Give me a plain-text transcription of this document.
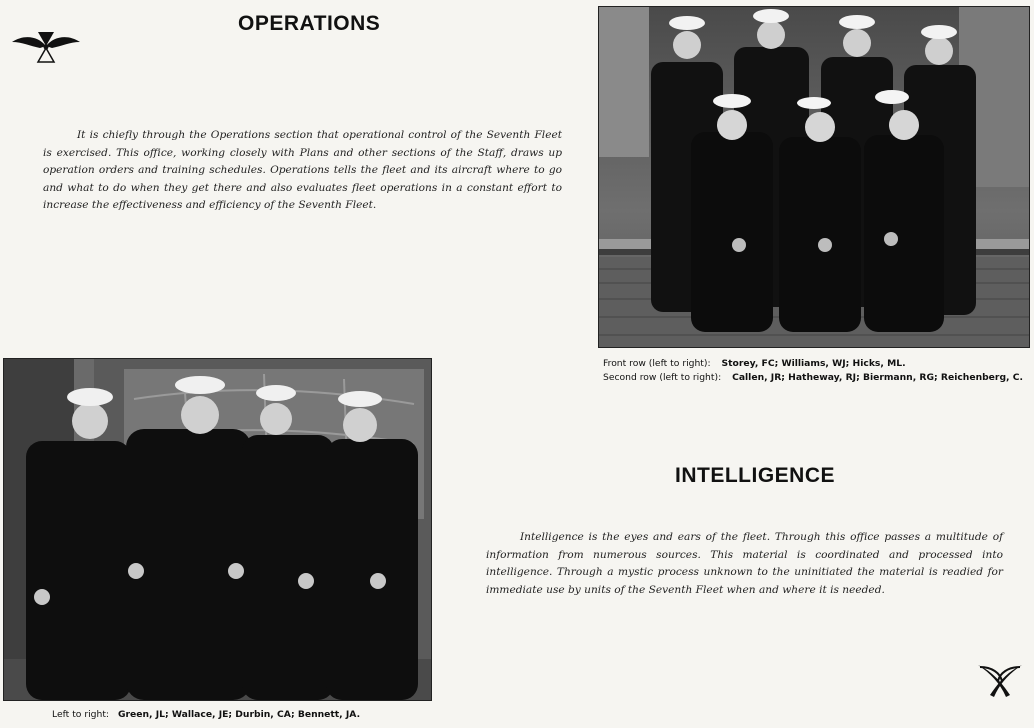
OPERATIONS

It is chiefly through the Operations section that operational control of the Seventh Fleet is exercised. This office, working closely with Plans and other sections of the Staff, draws up operation orders and training schedules. Operations tells the fleet and its aircraft where to go and what to do when they get there and also evaluates fleet operations in a constant effort to increase the effectiveness and efficiency of the Seventh Fleet.

Front row (left to right): Storey, FC; Williams, WJ; Hicks, ML.
Second row (left to right): Callen, JR; Hatheway, RJ; Biermann, RG; Reichenberg, C.
Left to right: Green, JL; Wallace, JE; Durbin, CA; Bennett, JA.
INTELLIGENCE

Intelligence is the eyes and ears of the fleet. Through this office passes a multitude of information from numerous sources. This material is coordinated and processed into intelligence. Through a mystic process unknown to the uninitiated the material is readied for immediate use by units of the Seventh Fleet when and where it is needed.
